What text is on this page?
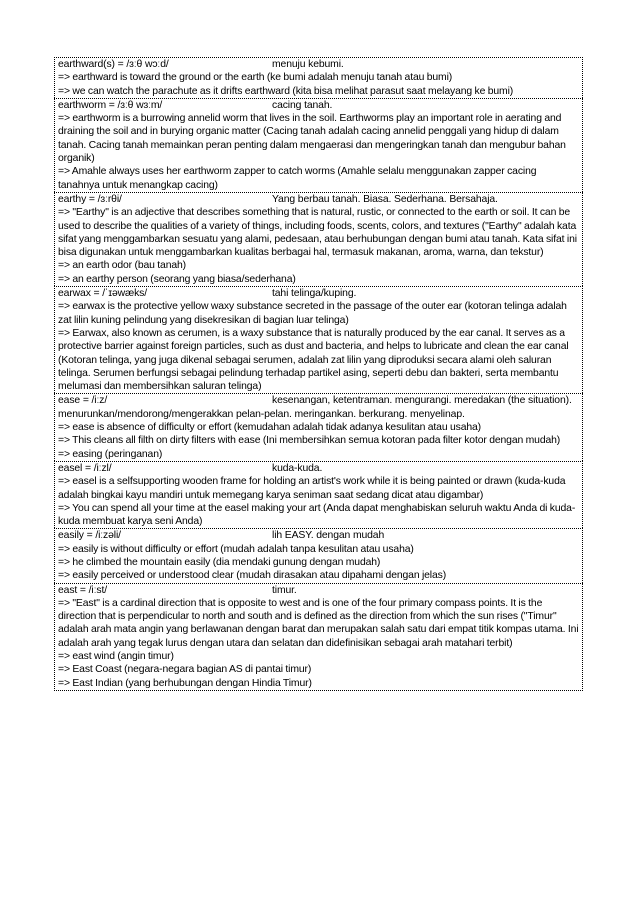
earthward(s) = /ɜːθ wɔːd/	menuju kebumi.
=> earthward is toward the ground or the earth (ke bumi adalah menuju tanah atau bumi)
=> we can watch the parachute as it drifts earthward (kita bisa melihat parasut saat melayang ke bumi)
earthworm = /ɜːθ wɜːm/	cacing tanah.
=> earthworm is a burrowing annelid worm that lives in the soil. Earthworms play an important role in aerating and draining the soil and in burying organic matter (Cacing tanah adalah cacing annelid penggali yang hidup di dalam tanah. Cacing tanah memainkan peran penting dalam mengaerasi dan mengeringkan tanah dan mengubur bahan organik)
=> Amahle always uses her earthworm zapper to catch worms (Amahle selalu menggunakan zapper cacing tanahnya untuk menangkap cacing)
earthy = /ɜːrθi/	Yang berbau tanah. Biasa. Sederhana. Bersahaja.
=> "Earthy" is an adjective that describes something that is natural, rustic, or connected to the earth or soil. It can be used to describe the qualities of a variety of things, including foods, scents, colors, and textures ("Earthy" adalah kata sifat yang menggambarkan sesuatu yang alami, pedesaan, atau berhubungan dengan bumi atau tanah. Kata sifat ini bisa digunakan untuk menggambarkan kualitas berbagai hal, termasuk makanan, aroma, warna, dan tekstur)
=> an earth odor (bau tanah)
=> an earthy person (seorang yang biasa/sederhana)
earwax = /ˈɪəwæks/	tahi telinga/kuping.
=> earwax is the protective yellow waxy substance secreted in the passage of the outer ear (kotoran telinga adalah zat lilin kuning pelindung yang disekresikan di bagian luar telinga)
=> Earwax, also known as cerumen, is a waxy substance that is naturally produced by the ear canal. It serves as a protective barrier against foreign particles, such as dust and bacteria, and helps to lubricate and clean the ear canal (Kotoran telinga, yang juga dikenal sebagai serumen, adalah zat lilin yang diproduksi secara alami oleh saluran telinga. Serumen berfungsi sebagai pelindung terhadap partikel asing, seperti debu dan bakteri, serta membantu melumasi dan membersihkan saluran telinga)
ease = /iːz/	kesenangan, ketentraman. mengurangi. meredakan (the situation). menurunkan/mendorong/mengerakkan pelan-pelan. meringankan. berkurang. menyelinap.
=> ease is absence of difficulty or effort (kemudahan adalah tidak adanya kesulitan atau usaha)
=> This cleans all filth on dirty filters with ease (Ini membersihkan semua kotoran pada filter kotor dengan mudah)
=> easing (peringanan)
easel = /iːzl/	kuda-kuda.
=> easel is a selfsupporting wooden frame for holding an artist's work while it is being painted or drawn (kuda-kuda adalah bingkai kayu mandiri untuk memegang karya seniman saat sedang dicat atau digambar)
=> You can spend all your time at the easel making your art (Anda dapat menghabiskan seluruh waktu Anda di kuda-kuda membuat karya seni Anda)
easily = /iːzəli/	lih EASY. dengan mudah
=> easily is without difficulty or effort (mudah adalah tanpa kesulitan atau usaha)
=> he climbed the mountain easily (dia mendaki gunung dengan mudah)
=> easily perceived or understood clear (mudah dirasakan atau dipahami dengan jelas)
east = /iːst/	timur.
=> "East" is a cardinal direction that is opposite to west and is one of the four primary compass points. It is the direction that is perpendicular to north and south and is defined as the direction from which the sun rises ("Timur" adalah arah mata angin yang berlawanan dengan barat dan merupakan salah satu dari empat titik kompas utama. Ini adalah arah yang tegak lurus dengan utara dan selatan dan didefinisikan sebagai arah matahari terbit)
=> east wind (angin timur)
=> East Coast (negara-negara bagian AS di pantai timur)
=> East Indian (yang berhubungan dengan Hindia Timur)
